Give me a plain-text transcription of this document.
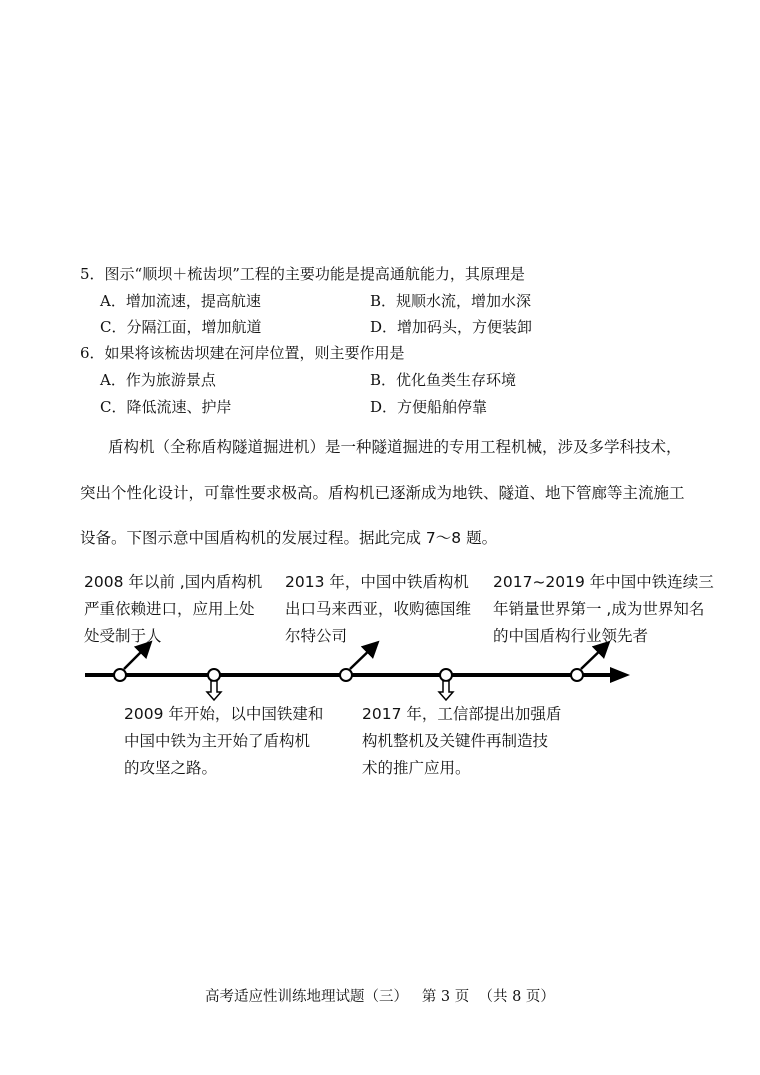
5．图示“顺坝＋梳齿坝”工程的主要功能是提高通航能力，其原理是
A．增加流速，提高航速	B．规顺水流，增加水深
C．分隔江面，增加航道	D．增加码头，方便装卸
6．如果将该梳齿坝建在河岸位置，则主要作用是
A．作为旅游景点	B．优化鱼类生存环境
C．降低流速、护岸	D．方便船舶停靠
盾构机（全称盾构隧道掘进机）是一种隧道掘进的专用工程机械，涉及多学科技术，
突出个性化设计，可靠性要求极高。盾构机已逐渐成为地铁、隧道、地下管廊等主流施工
设备。下图示意中国盾构机的发展过程。据此完成 7～8 题。
2008 年以前 ,国内盾构机
严重依赖进口，应用上处
处受制于人
2013 年，中国中铁盾构机
出口马来西亚，收购德国维
尔特公司
2017~2019 年中国中铁连续三
年销量世界第一 ,成为世界知名
的中国盾构行业领先者
2009 年开始，以中国铁建和
中国中铁为主开始了盾构机
的攻坚之路。
2017 年，工信部提出加强盾
构机整机及关键件再制造技
术的推广应用。
高考适应性训练地理试题（三）   第 3 页  （共 8 页）
